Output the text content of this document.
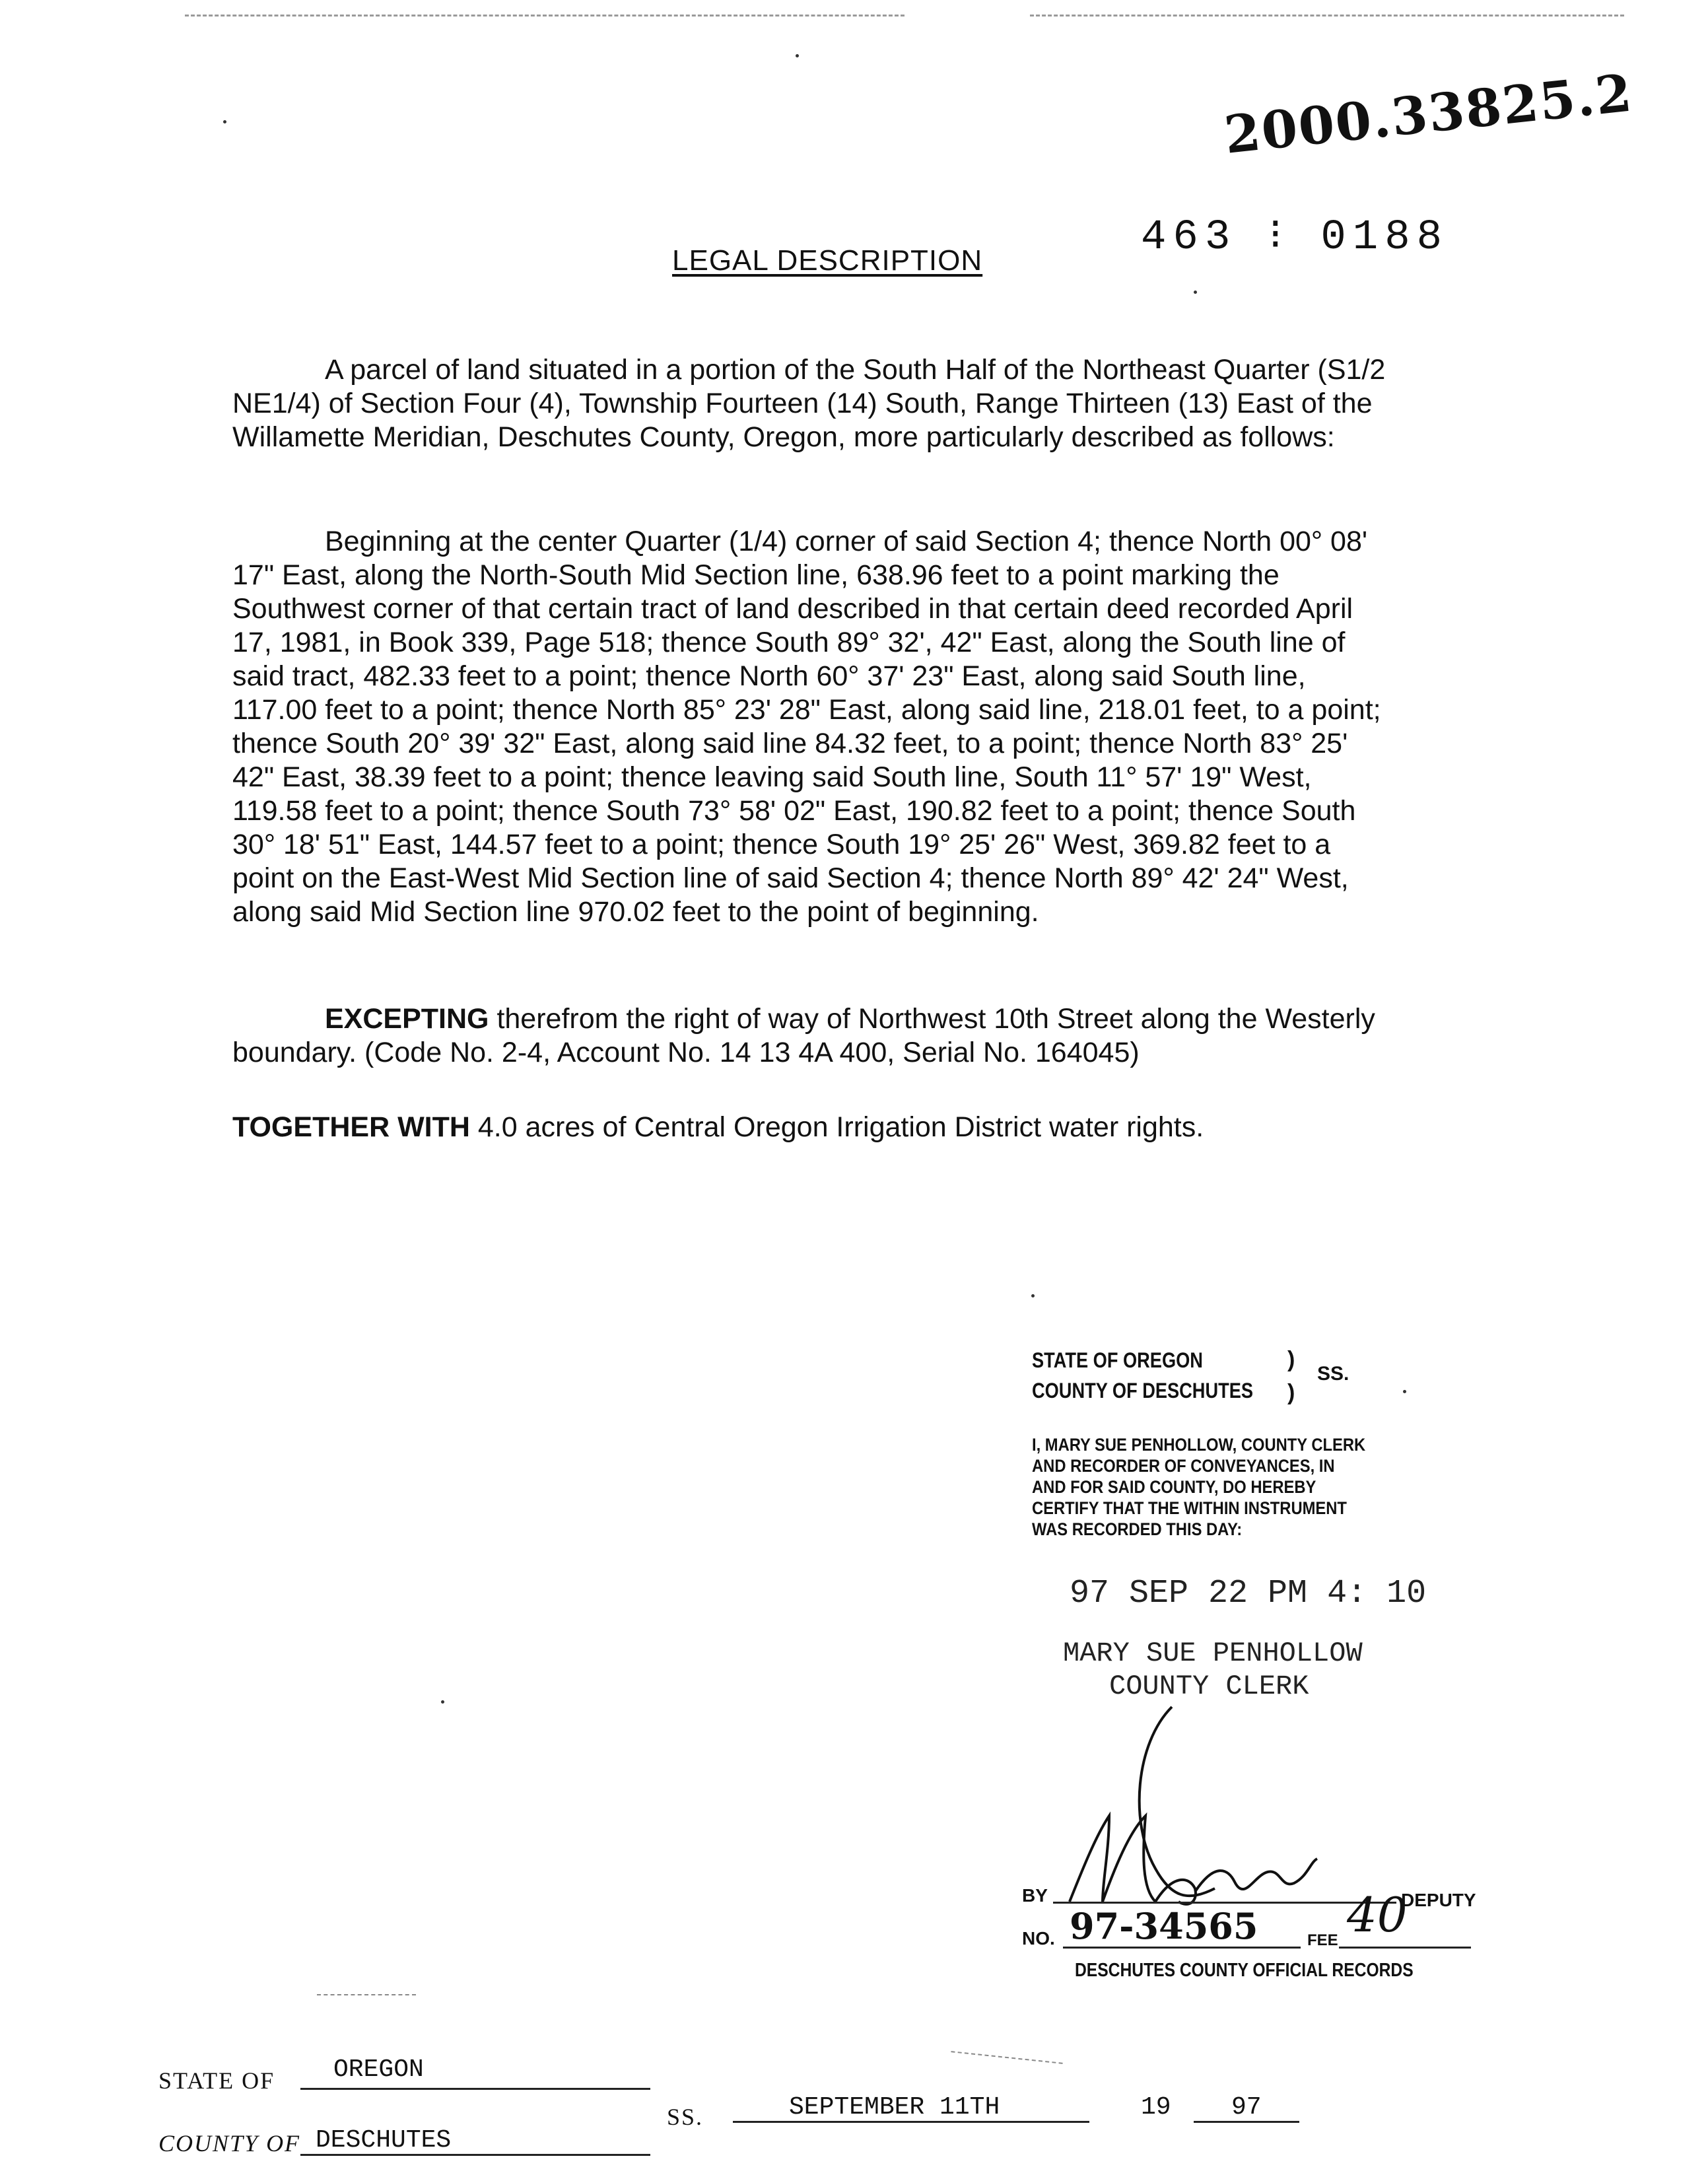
2000.33825.2
463 ⁝ 0188
LEGAL DESCRIPTION

A parcel of land situated in a portion of the South Half of the Northeast Quarter (S1/2 NE1/4) of Section Four (4), Township Fourteen (14) South, Range Thirteen (13) East of the Willamette Meridian, Deschutes County, Oregon, more particularly described as follows:

Beginning at the center Quarter (1/4) corner of said Section 4; thence North 00° 08' 17" East, along the North-South Mid Section line, 638.96 feet to a point marking the Southwest corner of that certain tract of land described in that certain deed recorded April 17, 1981, in Book 339, Page 518; thence South 89° 32', 42" East, along the South line of said tract, 482.33 feet to a point; thence North 60° 37' 23" East, along said South line, 117.00 feet to a point; thence North 85° 23' 28" East, along said line, 218.01 feet, to a point; thence South 20° 39' 32" East, along said line 84.32 feet, to a point; thence North 83° 25' 42" East, 38.39 feet to a point; thence leaving said South line, South 11° 57' 19" West, 119.58 feet to a point; thence South 73° 58' 02" East, 190.82 feet to a point; thence South 30° 18' 51" East, 144.57 feet to a point; thence South 19° 25' 26" West, 369.82 feet to a point on the East-West Mid Section line of said Section 4; thence North 89° 42' 24" West, along said Mid Section line 970.02 feet to the point of beginning.

EXCEPTING therefrom the right of way of Northwest 10th Street along the Westerly boundary. (Code No. 2-4, Account No. 14 13 4A 400, Serial No. 164045)

TOGETHER WITH 4.0 acres of Central Oregon Irrigation District water rights.

STATE OF OREGON
COUNTY OF DESCHUTES
)
)
SS.
I, MARY SUE PENHOLLOW, COUNTY CLERK AND RECORDER OF CONVEYANCES, IN AND FOR SAID COUNTY, DO HEREBY CERTIFY THAT THE WITHIN INSTRUMENT WAS RECORDED THIS DAY:
97 SEP 22 PM 4: 10
MARY SUE PENHOLLOW
COUNTY CLERK
BY	DEPUTY
NO. 97-34565	FEE 40
DESCHUTES COUNTY OFFICIAL RECORDS
STATE OF OREGON
SS.	SEPTEMBER 11TH	19 97
COUNTY OF DESCHUTES
